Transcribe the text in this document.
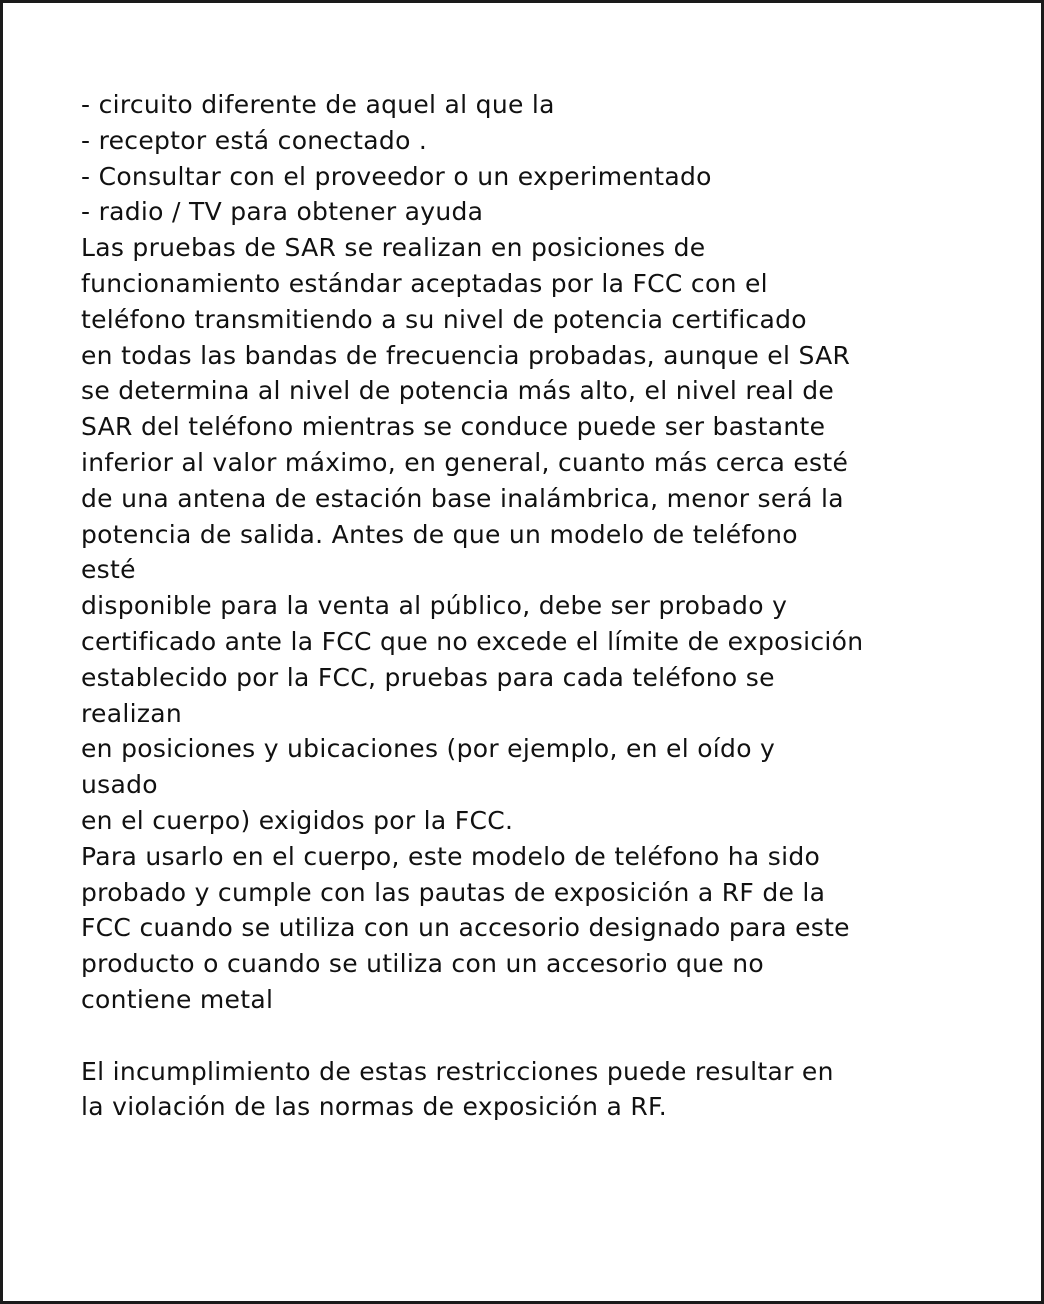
- circuito diferente de aquel al que la
- receptor está conectado .
- Consultar con el proveedor o un experimentado
- radio / TV para obtener ayuda
Las pruebas de SAR se realizan en posiciones de
funcionamiento estándar aceptadas por la FCC con el
teléfono transmitiendo a su nivel de potencia certificado
en todas las bandas de frecuencia probadas, aunque el SAR
se determina al nivel de potencia más alto, el nivel real de
SAR del teléfono mientras se conduce puede ser bastante
inferior al valor máximo, en general, cuanto más cerca esté
de una antena de estación base inalámbrica, menor será la
potencia de salida. Antes de que un modelo de teléfono
esté
disponible para la venta al público, debe ser probado y
certificado ante la FCC que no excede el límite de exposición
establecido por la FCC, pruebas para cada teléfono se
realizan
en posiciones y ubicaciones (por ejemplo, en el oído y
usado
en el cuerpo) exigidos por la FCC.
Para usarlo en el cuerpo, este modelo de teléfono ha sido
probado y cumple con las pautas de exposición a RF de la
FCC cuando se utiliza con un accesorio designado para este
producto o cuando se utiliza con un accesorio que no
contiene metal
El incumplimiento de estas restricciones puede resultar en
la violación de las normas de exposición a RF.
